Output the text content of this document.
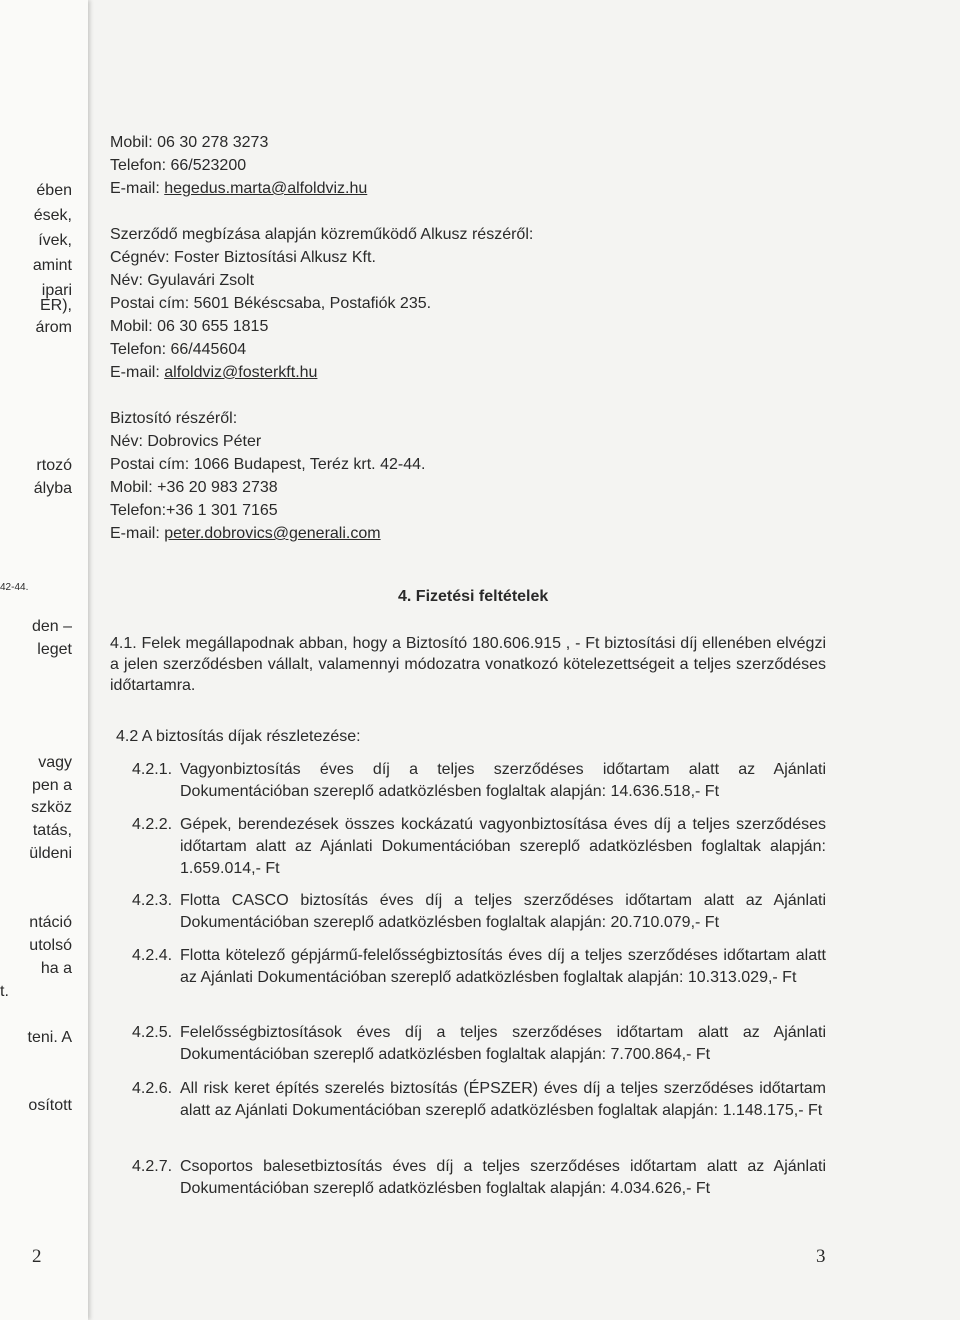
ében
ések,
ívek,
amint
ipari
ER),
árom
rtozó
ályba
42-44.
den –
leget
vagy
pen a
szköz
tatás,
üldeni
ntáció
utolsó
ha a
t.
teni. A
osított
2
Mobil: 06 30 278 3273
Telefon: 66/523200
E-mail: hegedus.marta@alfoldviz.hu
Szerződő megbízása alapján közreműködő Alkusz részéről:
Cégnév: Foster Biztosítási Alkusz Kft.
Név: Gyulavári Zsolt
Postai cím: 5601 Békéscsaba, Postafiók 235.
Mobil: 06 30 655 1815
Telefon: 66/445604
E-mail: alfoldviz@fosterkft.hu
Biztosító részéről:
Név: Dobrovics Péter
Postai cím: 1066 Budapest, Teréz krt. 42-44.
Mobil: +36 20 983 2738
Telefon:+36 1 301 7165
E-mail: peter.dobrovics@generali.com
4. Fizetési feltételek
4.1. Felek megállapodnak abban, hogy a Biztosító 180.606.915 , - Ft biztosítási díj ellenében elvégzi a jelen szerződésben vállalt, valamennyi módozatra vonatkozó kötelezettségeit a teljes szerződéses időtartamra.
4.2 A biztosítás díjak részletezése:
4.2.1. Vagyonbiztosítás éves díj a teljes szerződéses időtartam alatt az Ajánlati Dokumentációban szereplő adatközlésben foglaltak alapján: 14.636.518,- Ft
4.2.2. Gépek, berendezések összes kockázatú vagyonbiztosítása éves díj a teljes szerződéses időtartam alatt az Ajánlati Dokumentációban szereplő adatközlésben foglaltak alapján: 1.659.014,- Ft
4.2.3. Flotta CASCO biztosítás éves díj a teljes szerződéses időtartam alatt az Ajánlati Dokumentációban szereplő adatközlésben foglaltak alapján: 20.710.079,- Ft
4.2.4. Flotta kötelező gépjármű-felelősségbiztosítás éves díj a teljes szerződéses időtartam alatt az Ajánlati Dokumentációban szereplő adatközlésben foglaltak alapján: 10.313.029,- Ft
4.2.5. Felelősségbiztosítások éves díj a teljes szerződéses időtartam alatt az Ajánlati Dokumentációban szereplő adatközlésben foglaltak alapján: 7.700.864,- Ft
4.2.6. All risk keret építés szerelés biztosítás (ÉPSZER) éves díj a teljes szerződéses időtartam alatt az Ajánlati Dokumentációban szereplő adatközlésben foglaltak alapján: 1.148.175,- Ft
4.2.7. Csoportos balesetbiztosítás éves díj a teljes szerződéses időtartam alatt az Ajánlati Dokumentációban szereplő adatközlésben foglaltak alapján: 4.034.626,- Ft
3
